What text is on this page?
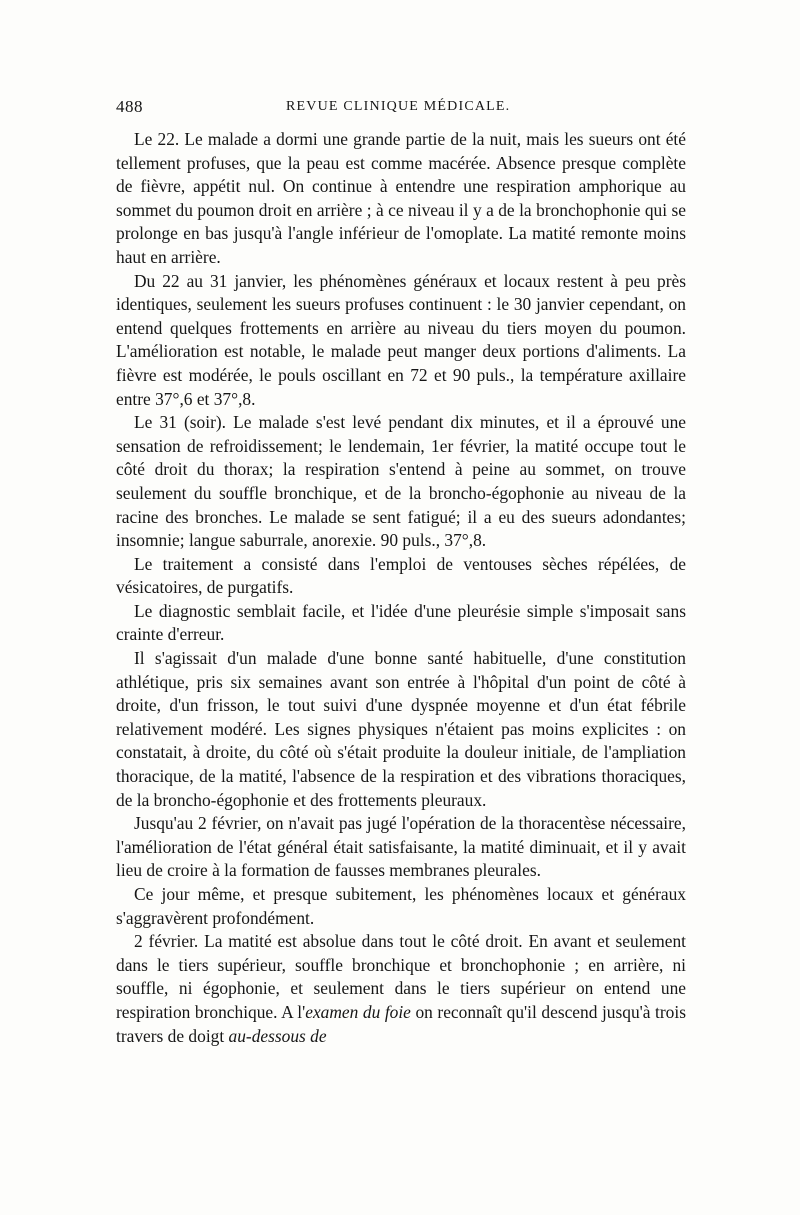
488	REVUE CLINIQUE MÉDICALE.

Le 22. Le malade a dormi une grande partie de la nuit, mais les sueurs ont été tellement profuses, que la peau est comme macérée. Absence presque complète de fièvre, appétit nul. On continue à entendre une respiration amphorique au sommet du poumon droit en arrière ; à ce niveau il y a de la bronchophonie qui se prolonge en bas jusqu'à l'angle inférieur de l'omoplate. La matité remonte moins haut en arrière.

Du 22 au 31 janvier, les phénomènes généraux et locaux restent à peu près identiques, seulement les sueurs profuses continuent : le 30 janvier cependant, on entend quelques frottements en arrière au niveau du tiers moyen du poumon. L'amélioration est notable, le malade peut manger deux portions d'aliments. La fièvre est modérée, le pouls oscillant en 72 et 90 puls., la température axillaire entre 37°,6 et 37°,8.

Le 31 (soir). Le malade s'est levé pendant dix minutes, et il a éprouvé une sensation de refroidissement; le lendemain, 1er février, la matité occupe tout le côté droit du thorax; la respiration s'entend à peine au sommet, on trouve seulement du souffle bronchique, et de la broncho-égophonie au niveau de la racine des bronches. Le malade se sent fatigué; il a eu des sueurs adondantes; insomnie; langue saburrale, anorexie. 90 puls., 37°,8.

Le traitement a consisté dans l'emploi de ventouses sèches répélées, de vésicatoires, de purgatifs.

Le diagnostic semblait facile, et l'idée d'une pleurésie simple s'imposait sans crainte d'erreur.

Il s'agissait d'un malade d'une bonne santé habituelle, d'une constitution athlétique, pris six semaines avant son entrée à l'hôpital d'un point de côté à droite, d'un frisson, le tout suivi d'une dyspnée moyenne et d'un état fébrile relativement modéré. Les signes physiques n'étaient pas moins explicites : on constatait, à droite, du côté où s'était produite la douleur initiale, de l'ampliation thoracique, de la matité, l'absence de la respiration et des vibrations thoraciques, de la broncho-égophonie et des frottements pleuraux.

Jusqu'au 2 février, on n'avait pas jugé l'opération de la thoracentèse nécessaire, l'amélioration de l'état général était satisfaisante, la matité diminuait, et il y avait lieu de croire à la formation de fausses membranes pleurales.

Ce jour même, et presque subitement, les phénomènes locaux et généraux s'aggravèrent profondément.

2 février. La matité est absolue dans tout le côté droit. En avant et seulement dans le tiers supérieur, souffle bronchique et bronchophonie ; en arrière, ni souffle, ni égophonie, et seulement dans le tiers supérieur on entend une respiration bronchique. A l'examen du foie on reconnaît qu'il descend jusqu'à trois travers de doigt au-dessous de
